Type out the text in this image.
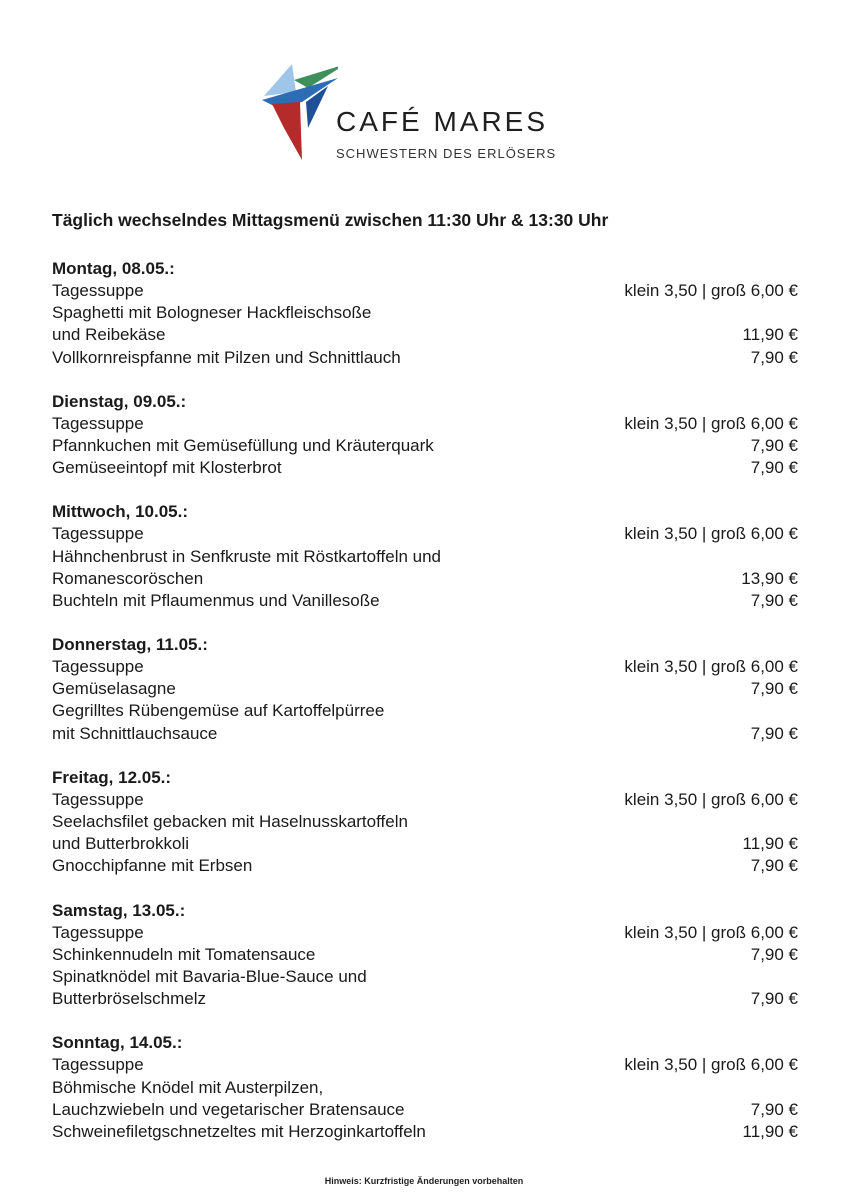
CAFÉ MARES
SCHWESTERN DES ERLÖSERS
Täglich wechselndes Mittagsmenü zwischen 11:30 Uhr & 13:30 Uhr
Montag, 08.05.:
Tagessuppe	klein 3,50 | groß 6,00 €
Spaghetti mit Bologneser Hackfleischsoße
und Reibekäse	11,90 €
Vollkornreispfanne mit Pilzen und Schnittlauch	7,90 €
Dienstag, 09.05.:
Tagessuppe	klein 3,50 | groß 6,00 €
Pfannkuchen mit Gemüsefüllung und Kräuterquark	7,90 €
Gemüseeintopf mit Klosterbrot	7,90 €
Mittwoch, 10.05.:
Tagessuppe	klein 3,50 | groß 6,00 €
Hähnchenbrust in Senfkruste mit Röstkartoffeln und
Romanescoröschen	13,90 €
Buchteln mit Pflaumenmus und Vanillesoße	7,90 €
Donnerstag, 11.05.:
Tagessuppe	klein 3,50 | groß 6,00 €
Gemüselasagne	7,90 €
Gegrilltes Rübengemüse auf Kartoffelpürree
mit Schnittlauchsauce	7,90 €
Freitag, 12.05.:
Tagessuppe	klein 3,50 | groß 6,00 €
Seelachsfilet gebacken mit Haselnusskartoffeln
und Butterbrokkoli	11,90 €
Gnocchipfanne mit Erbsen	7,90 €
Samstag, 13.05.:
Tagessuppe	klein 3,50 | groß 6,00 €
Schinkennudeln mit Tomatensauce	7,90 €
Spinatknödel mit Bavaria-Blue-Sauce und
Butterbröselschmelz	7,90 €
Sonntag, 14.05.:
Tagessuppe	klein 3,50 | groß 6,00 €
Böhmische Knödel mit Austerpilzen,
Lauchzwiebeln und vegetarischer Bratensauce	7,90 €
Schweinefiletgschnetzeltes mit Herzoginkartoffeln	11,90 €
Hinweis: Kurzfristige Änderungen vorbehalten
